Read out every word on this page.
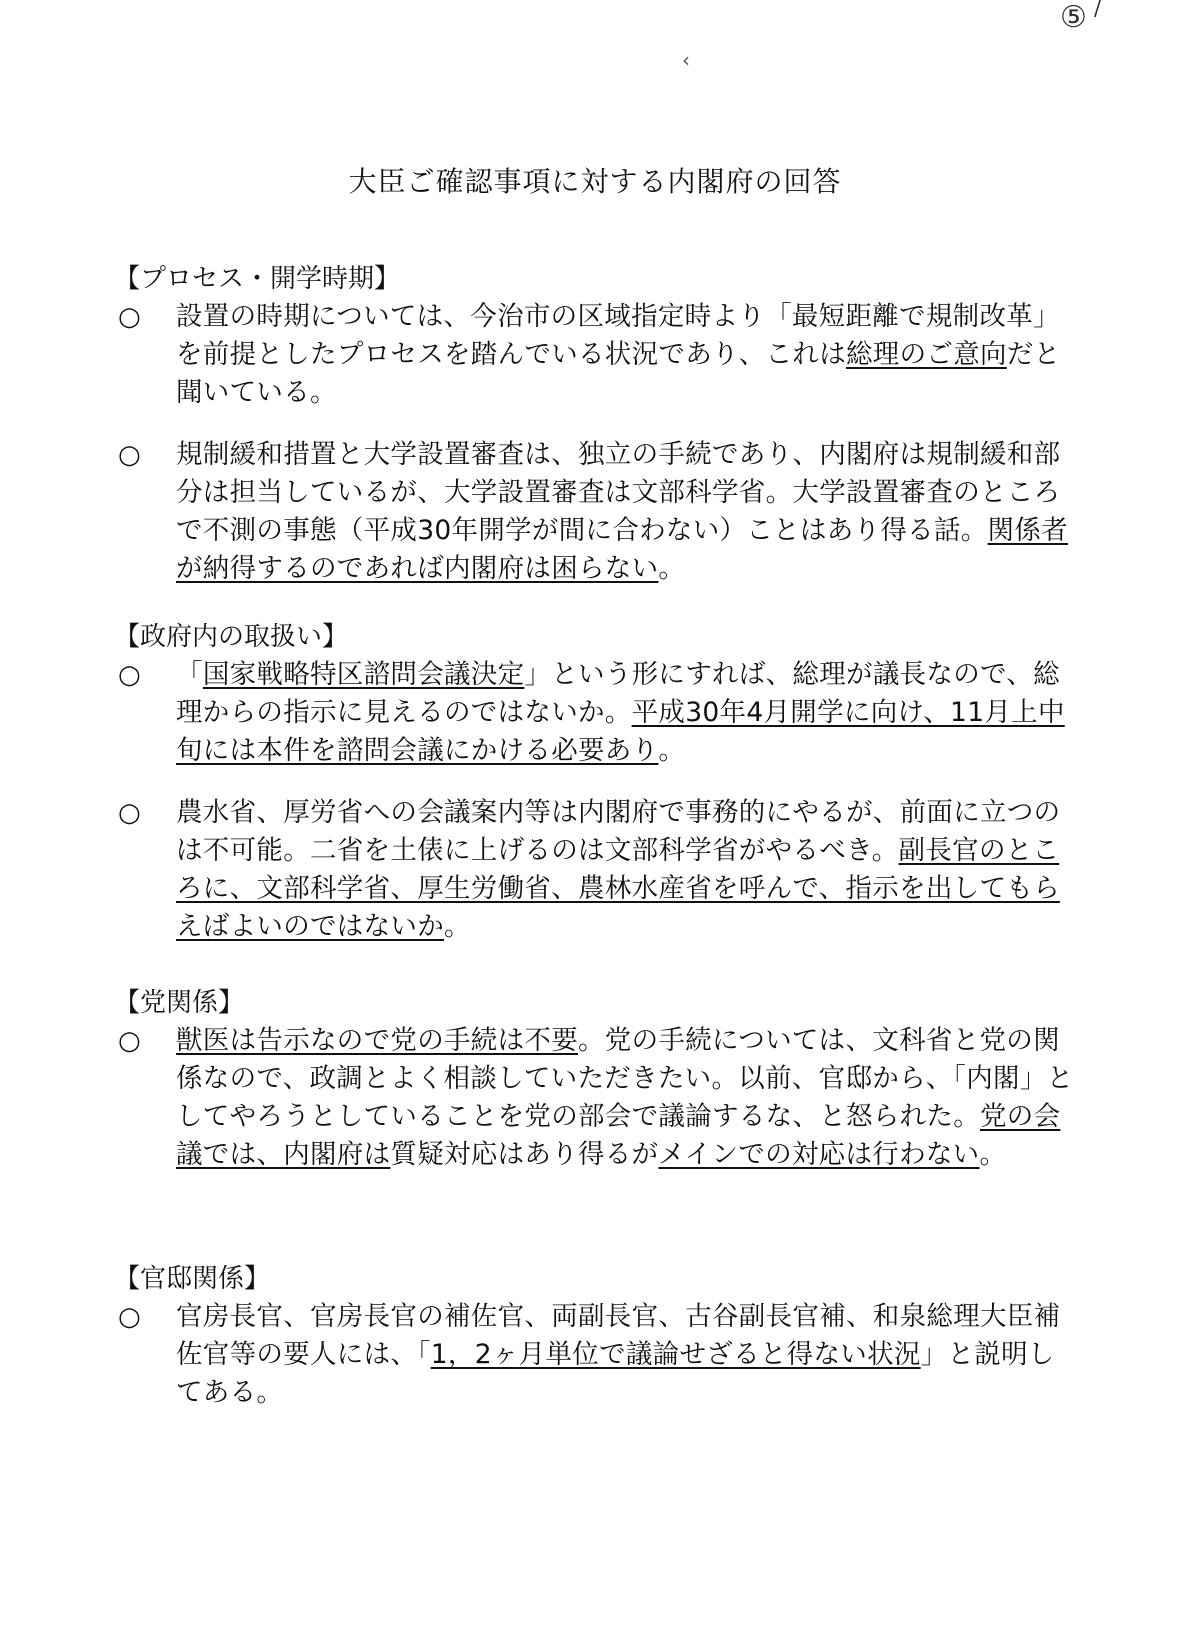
⑤ /
‹
大臣ご確認事項に対する内閣府の回答
【プロセス・開学時期】
○	設置の時期については、今治市の区域指定時より「最短距離で規制改革」を前提としたプロセスを踏んでいる状況であり、これは総理のご意向だと聞いている。
○	規制緩和措置と大学設置審査は、独立の手続であり、内閣府は規制緩和部分は担当しているが、大学設置審査は文部科学省。大学設置審査のところで不測の事態（平成30年開学が間に合わない）ことはあり得る話。関係者が納得するのであれば内閣府は困らない。
【政府内の取扱い】
○	「国家戦略特区諮問会議決定」という形にすれば、総理が議長なので、総理からの指示に見えるのではないか。平成30年4月開学に向け、11月上中旬には本件を諮問会議にかける必要あり。
○	農水省、厚労省への会議案内等は内閣府で事務的にやるが、前面に立つのは不可能。二省を土俵に上げるのは文部科学省がやるべき。副長官のところに、文部科学省、厚生労働省、農林水産省を呼んで、指示を出してもらえばよいのではないか。
【党関係】
○	獣医は告示なので党の手続は不要。党の手続については、文科省と党の関係なので、政調とよく相談していただきたい。以前、官邸から、「内閣」としてやろうとしていることを党の部会で議論するな、と怒られた。党の会議では、内閣府は質疑対応はあり得るがメインでの対応は行わない。
【官邸関係】
○	官房長官、官房長官の補佐官、両副長官、古谷副長官補、和泉総理大臣補佐官等の要人には、「1，2ヶ月単位で議論せざると得ない状況」と説明してある。
